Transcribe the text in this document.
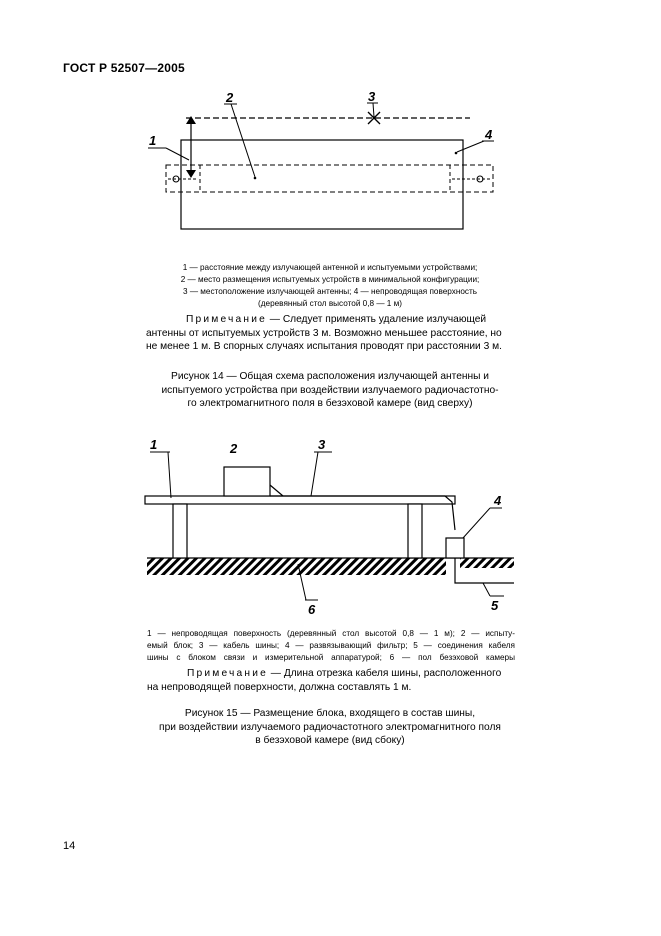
ГОСТ Р 52507—2005
1
2	3
4
1 — расстояние между излучающей антенной и испытуемыми устройствами;
2 — место размещения испытуемых устройств в минимальной конфигурации;
3 — местоположение излучающей антенны; 4 — непроводящая поверхность
(деревянный стол высотой 0,8 — 1 м)
Примечание — Следует применять удаление излучающей антенны от испытуемых устройств 3 м. Возможно меньшее расстояние, но не менее 1 м. В спорных случаях испытания проводят при расстоянии 3 м.
Рисунок 14 — Общая схема расположения излучающей антенны и
испытуемого устройства при воздействии излучаемого радиочастотно-
го электромагнитного поля в безэховой камере (вид сверху)
1	2	3
4
5
6
1 — непроводящая поверхность (деревянный стол высотой 0,8 — 1 м); 2 — испыту-
емый блок; 3 — кабель шины; 4 — развязывающий фильтр; 5 — соединения кабеля
шины с блоком связи и измерительной аппаратурой; 6 — пол безэховой камеры
Примечание — Длина отрезка кабеля шины, расположенного на непроводящей поверхности, должна составлять 1 м.
Рисунок 15 — Размещение блока, входящего в состав шины,
при воздействии излучаемого радиочастотного электромагнитного поля
в безэховой камере (вид сбоку)
14
